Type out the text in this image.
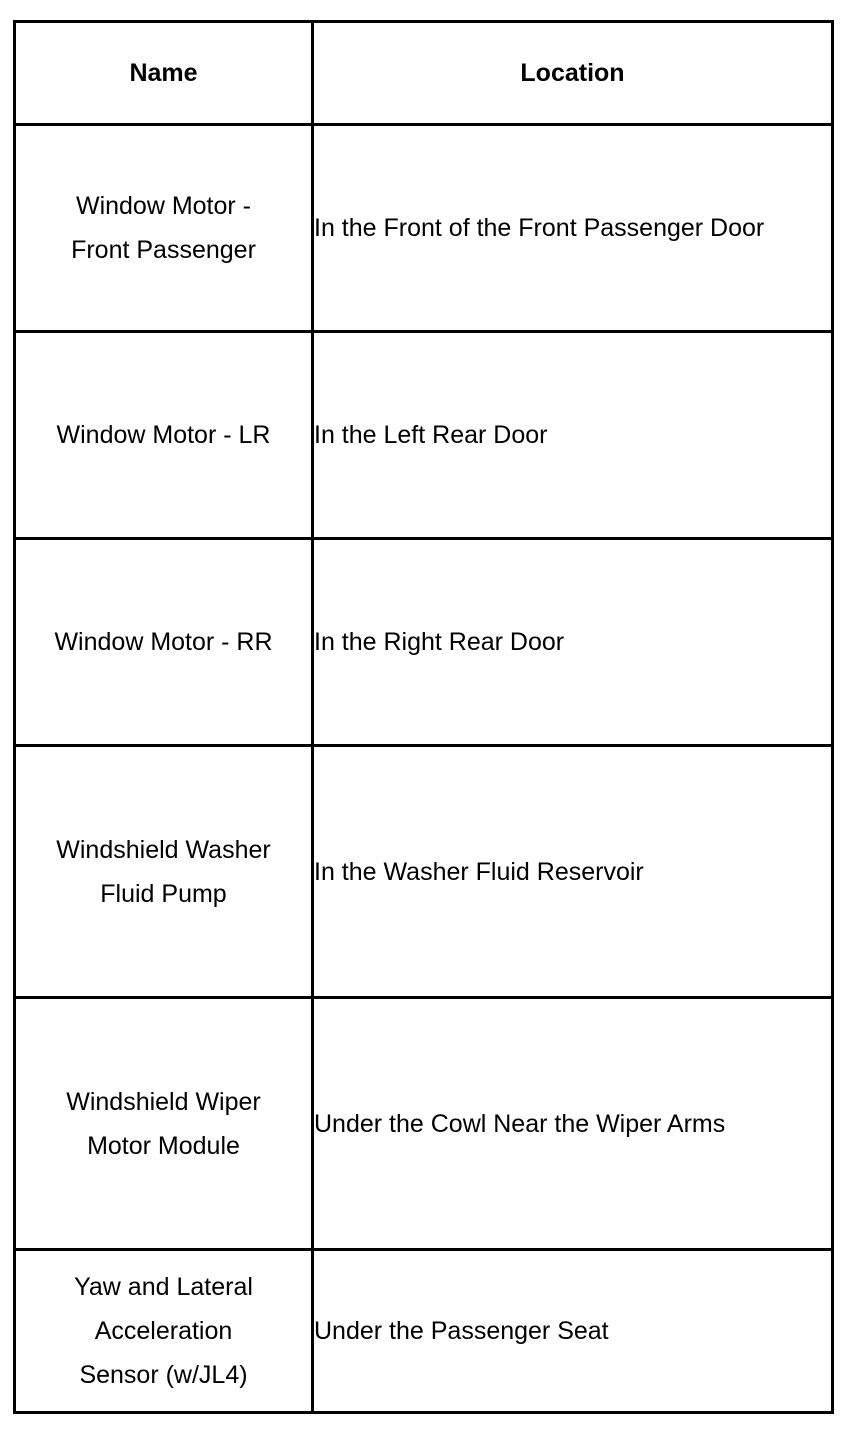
Name	Location
Window Motor - Front Passenger	In the Front of the Front Passenger Door
Window Motor - LR	In the Left Rear Door
Window Motor - RR	In the Right Rear Door
Windshield Washer Fluid Pump	In the Washer Fluid Reservoir
Windshield Wiper Motor Module	Under the Cowl Near the Wiper Arms
Yaw and Lateral Acceleration Sensor (w/JL4)	Under the Passenger Seat
